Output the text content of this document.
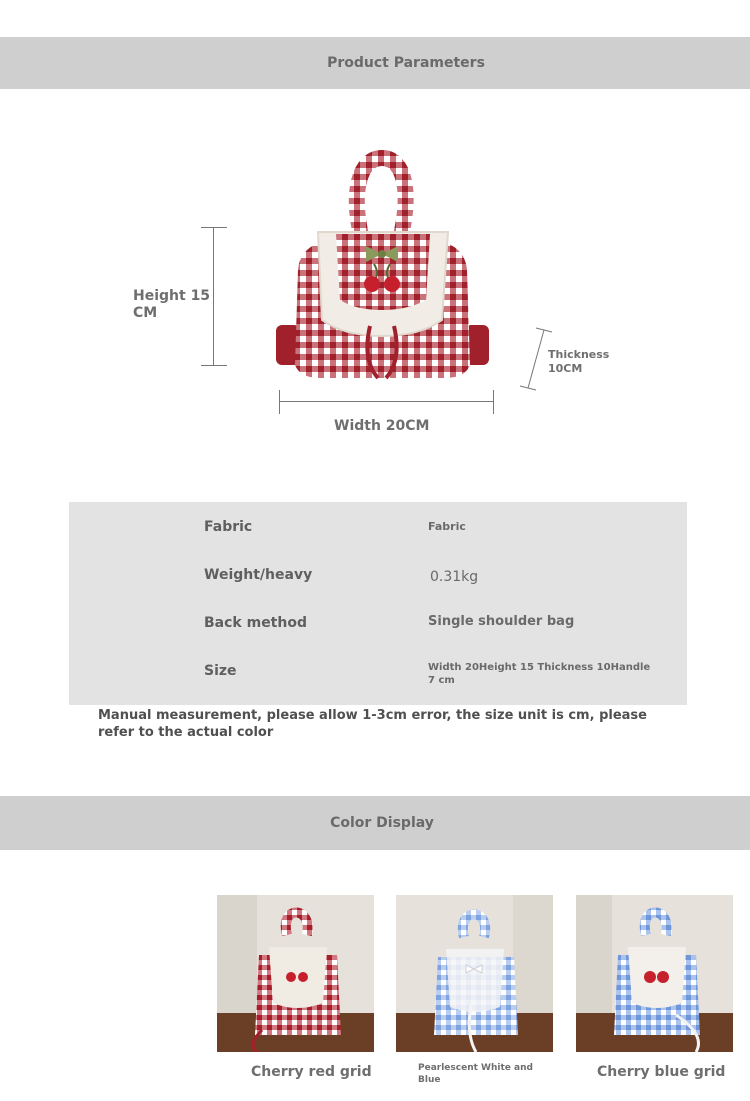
Product Parameters
Height 15 CM
Width 20CM
Thickness 10CM
Fabric	Fabric
Weight/heavy	0.31kg
Back method	Single shoulder bag
Size	Width 20Height 15 Thickness 10Handle 7 cm
Manual measurement, please allow 1-3cm error, the size unit is cm, please refer to the actual color
Color Display
Cherry red grid	Pearlescent White and Blue	Cherry blue grid
